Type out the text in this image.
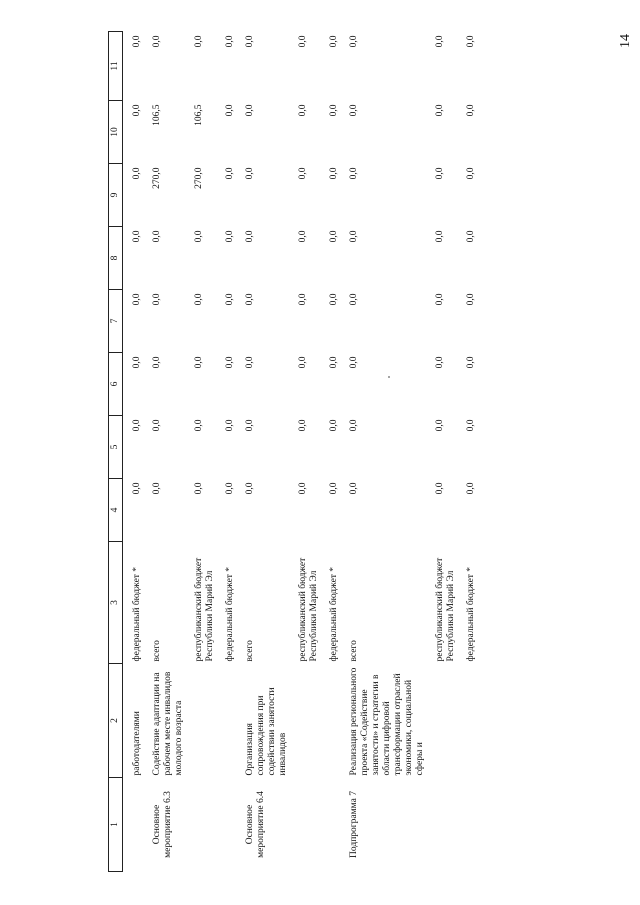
14
1	2	3	4	5	6	7	8	9	10	11

	работодателями	федеральный бюджет *	0,0	0,0	0,0	0,0	0,0	0,0	0,0	0,0

Основное мероприятие 6.3	Содействие адаптации на рабочем месте инвалидов молодого возраста	всего	0,0	0,0	0,0	0,0	0,0	270,0	106,5	0,0

		республиканский бюджет Республики Марий Эл	0,0	0,0	0,0	0,0	0,0	270,0	106,5	0,0

		федеральный бюджет *	0,0	0,0	0,0	0,0	0,0	0,0	0,0	0,0

Основное мероприятие 6.4	Организация сопровождения при содействии занятости инвалидов	всего	0,0	0,0	0,0	0,0	0,0	0,0	0,0	0,0

		республиканский бюджет Республики Марий Эл	0,0	0,0	0,0	0,0	0,0	0,0	0,0	0,0

		федеральный бюджет *	0,0	0,0	0,0	0,0	0,0	0,0	0,0	0,0

Подпрограмма 7	Реализация регионального проекта «Содействие занятости» и стратегии в области цифровой трансформации отраслей экономики, социальной сферы и	всего	0,0	0,0	0,0	0,0	0,0	0,0	0,0	0,0

		республиканский бюджет Республики Марий Эл	0,0	0,0	0,0	0,0	0,0	0,0	0,0	0,0

		федеральный бюджет *	0,0	0,0	0,0	0,0	0,0	0,0	0,0	0,0
